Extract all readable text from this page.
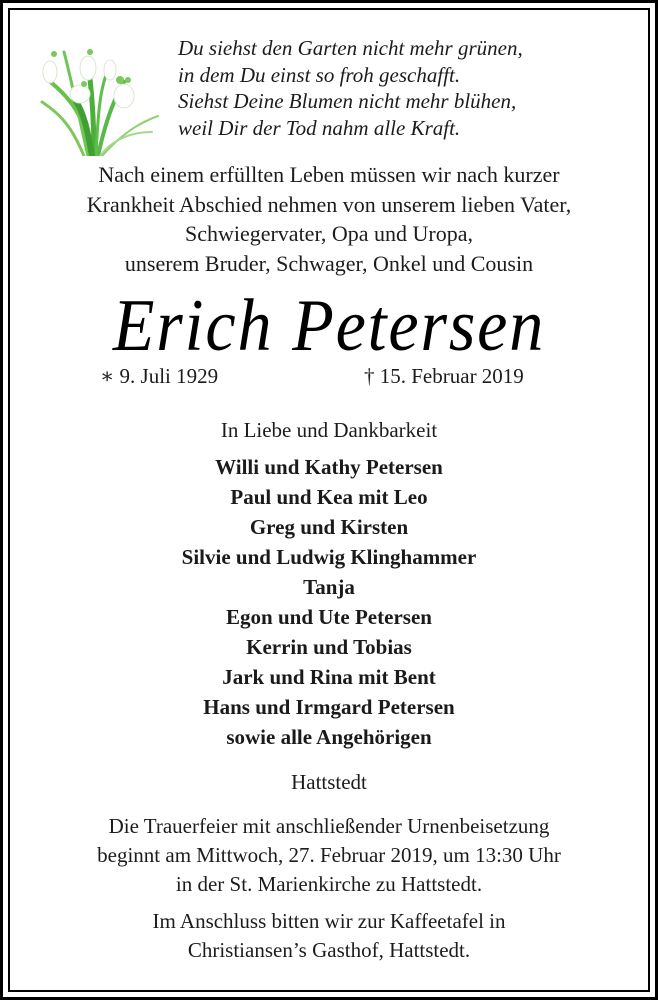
Du siehst den Garten nicht mehr grünen,
in dem Du einst so froh geschafft.
Siehst Deine Blumen nicht mehr blühen,
weil Dir der Tod nahm alle Kraft.
Nach einem erfüllten Leben müssen wir nach kurzer
Krankheit Abschied nehmen von unserem lieben Vater,
Schwiegervater, Opa und Uropa,
unserem Bruder, Schwager, Onkel und Cousin
Erich Petersen
∗ 9. Juli 1929	† 15. Februar 2019
In Liebe und Dankbarkeit
Willi und Kathy Petersen
Paul und Kea mit Leo
Greg und Kirsten
Silvie und Ludwig Klinghammer
Tanja
Egon und Ute Petersen
Kerrin und Tobias
Jark und Rina mit Bent
Hans und Irmgard Petersen
sowie alle Angehörigen
Hattstedt
Die Trauerfeier mit anschließender Urnenbeisetzung
beginnt am Mittwoch, 27. Februar 2019, um 13:30 Uhr
in der St. Marienkirche zu Hattstedt.
Im Anschluss bitten wir zur Kaffeetafel in
Christiansen’s Gasthof, Hattstedt.
